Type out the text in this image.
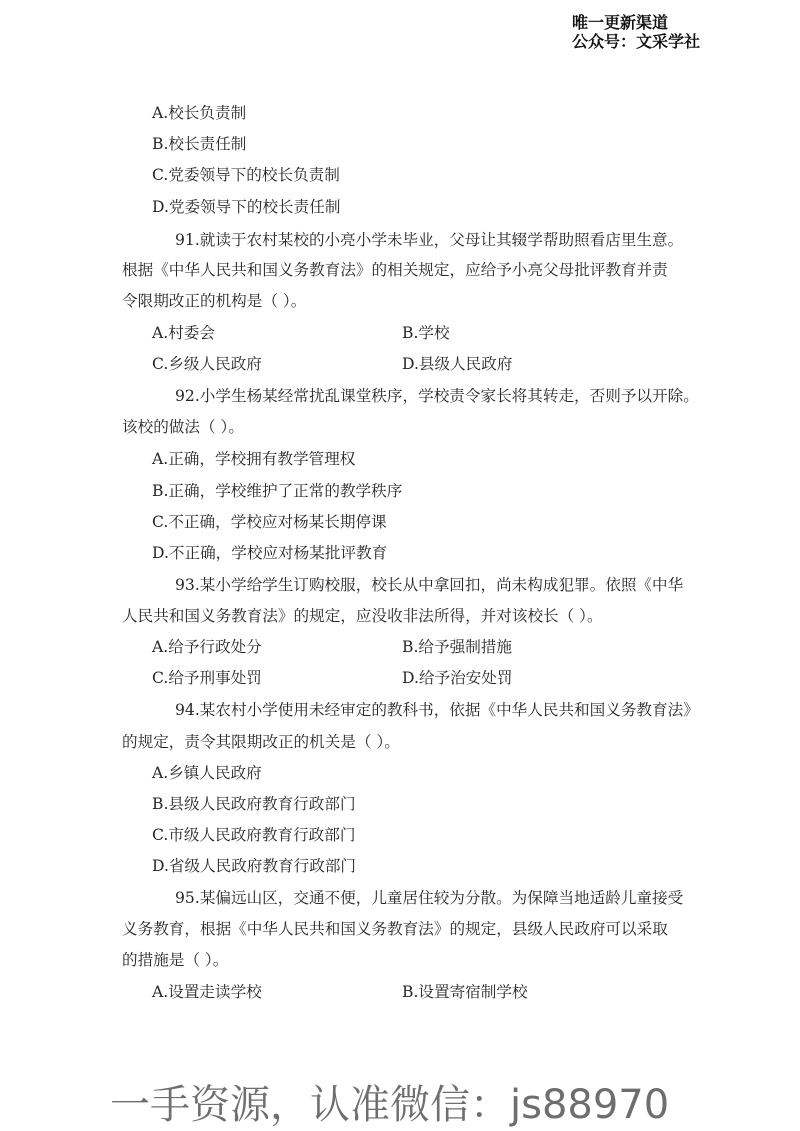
唯一更新渠道
公众号：文采学社
A.校长负责制
B.校长责任制
C.党委领导下的校长负责制
D.党委领导下的校长责任制
91.就读于农村某校的小亮小学未毕业，父母让其辍学帮助照看店里生意。
根据《中华人民共和国义务教育法》的相关规定，应给予小亮父母批评教育并责
令限期改正的机构是（ ）。
A.村委会	B.学校
C.乡级人民政府	D.县级人民政府
92.小学生杨某经常扰乱课堂秩序，学校责令家长将其转走，否则予以开除。
该校的做法（ ）。
A.正确，学校拥有教学管理权
B.正确，学校维护了正常的教学秩序
C.不正确，学校应对杨某长期停课
D.不正确，学校应对杨某批评教育
93.某小学给学生订购校服，校长从中拿回扣，尚未构成犯罪。依照《中华
人民共和国义务教育法》的规定，应没收非法所得，并对该校长（ ）。
A.给予行政处分	B.给予强制措施
C.给予刑事处罚	D.给予治安处罚
94.某农村小学使用未经审定的教科书，依据《中华人民共和国义务教育法》
的规定，责令其限期改正的机关是（ ）。
A.乡镇人民政府
B.县级人民政府教育行政部门
C.市级人民政府教育行政部门
D.省级人民政府教育行政部门
95.某偏远山区，交通不便，儿童居住较为分散。为保障当地适龄儿童接受
义务教育，根据《中华人民共和国义务教育法》的规定，县级人民政府可以采取
的措施是（ ）。
A.设置走读学校	B.设置寄宿制学校
一手资源，认准微信：js88970
